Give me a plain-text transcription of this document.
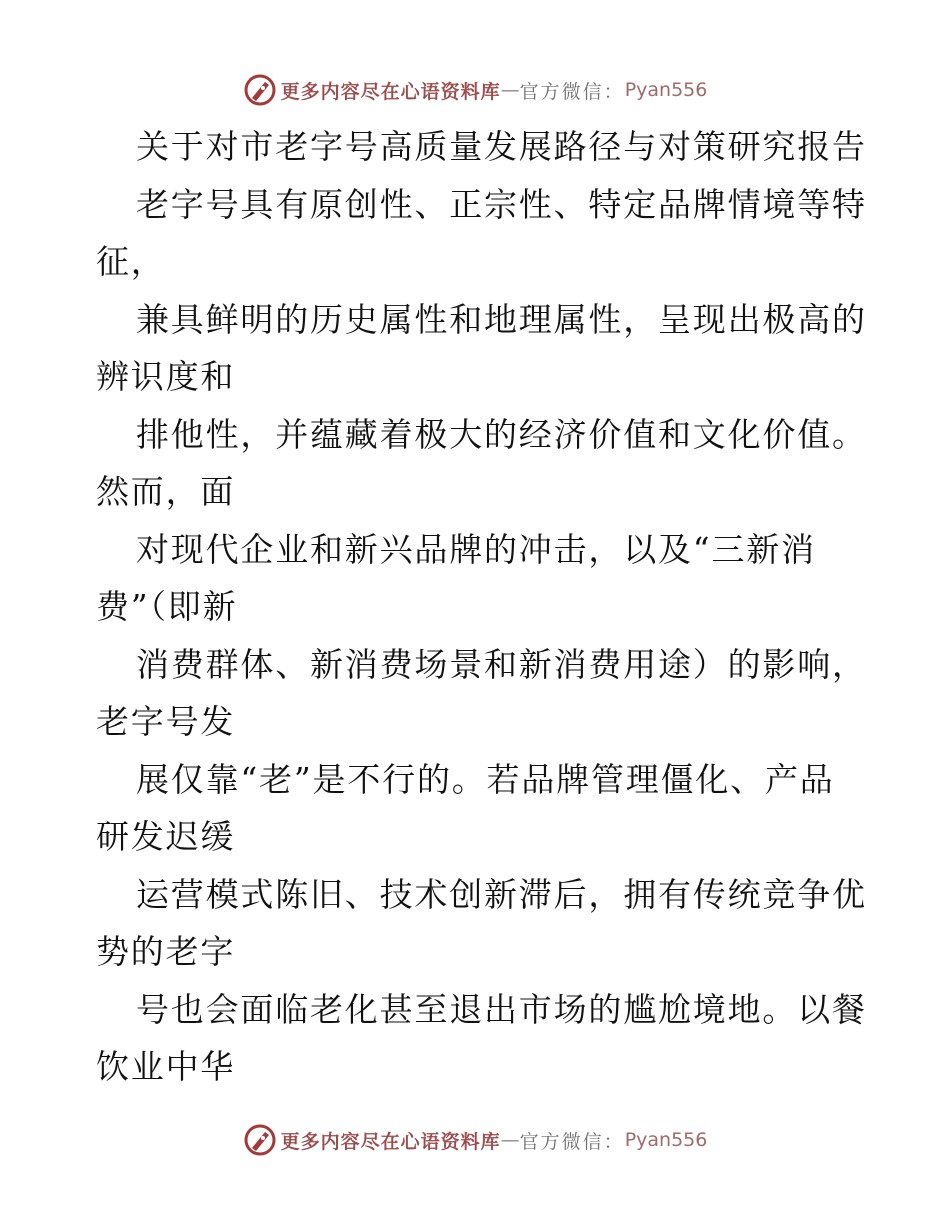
更多内容尽在心语资料库 — 官方微信： Pyan556
关于对市老字号高质量发展路径与对策研究报告
老字号具有原创性、正宗性、特定品牌情境等特
征，
兼具鲜明的历史属性和地理属性，呈现出极高的
辨识度和
排他性，并蕴藏着极大的经济价值和文化价值。
然而，面
对现代企业和新兴品牌的冲击，以及“三新消
费”（即新
消费群体、新消费场景和新消费用途）的影响，
老字号发
展仅靠“老”是不行的。若品牌管理僵化、产品
研发迟缓
运营模式陈旧、技术创新滞后，拥有传统竞争优
势的老字
号也会面临老化甚至退出市场的尴尬境地。以餐
饮业中华
更多内容尽在心语资料库 — 官方微信： Pyan556
